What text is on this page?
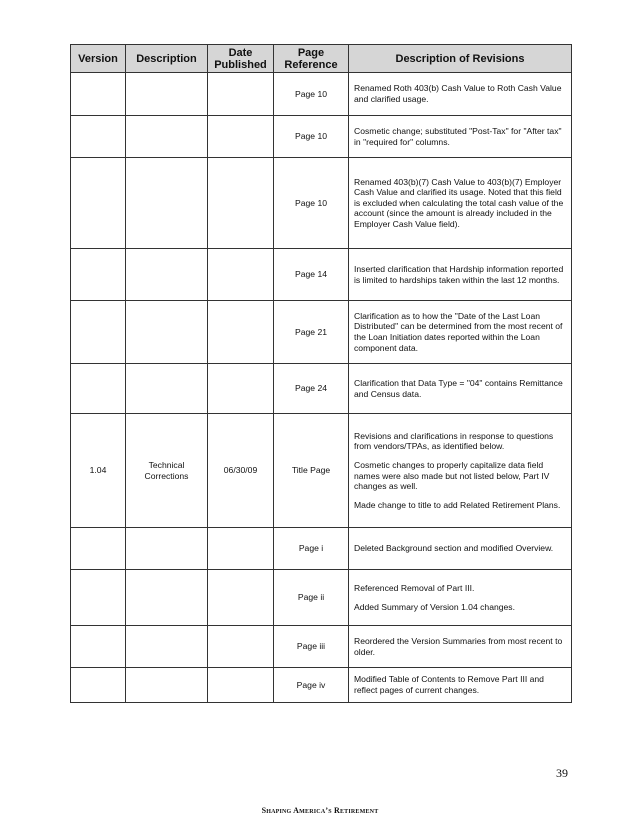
Version	Description	Date Published	Page Reference	Description of Revisions
			Page 10	Renamed Roth 403(b) Cash Value to Roth Cash Value and clarified usage.

			Page 10	Cosmetic change; substituted "Post-Tax" for "After tax" in "required for" columns.

			Page 10	Renamed 403(b)(7) Cash Value to 403(b)(7) Employer Cash Value and clarified its usage. Noted that this field is excluded when calculating the total cash value of the account (since the amount is already included in the Employer Cash Value field).

			Page 14	Inserted clarification that Hardship information reported is limited to hardships taken within the last 12 months.

			Page 21	Clarification as to how the "Date of the Last Loan Distributed" can be determined from the most recent of the Loan Initiation dates reported within the Loan component data.

			Page 24	Clarification that Data Type = "04" contains Remittance and Census data.

1.04	Technical Corrections	06/30/09	Title Page	Revisions and clarifications in response to questions from vendors/TPAs, as identified below.

Cosmetic changes to properly capitalize data field names were also made but not listed below, Part IV changes as well.

Made change to title to add Related Retirement Plans.

			Page i	Deleted Background section and modified Overview.

			Page ii	Referenced Removal of Part III.

Added Summary of Version 1.04 changes.

			Page iii	Reordered the Version Summaries from most recent to older.

			Page iv	Modified Table of Contents to Remove Part III and reflect pages of current changes.

39
Shaping America’s Retirement
